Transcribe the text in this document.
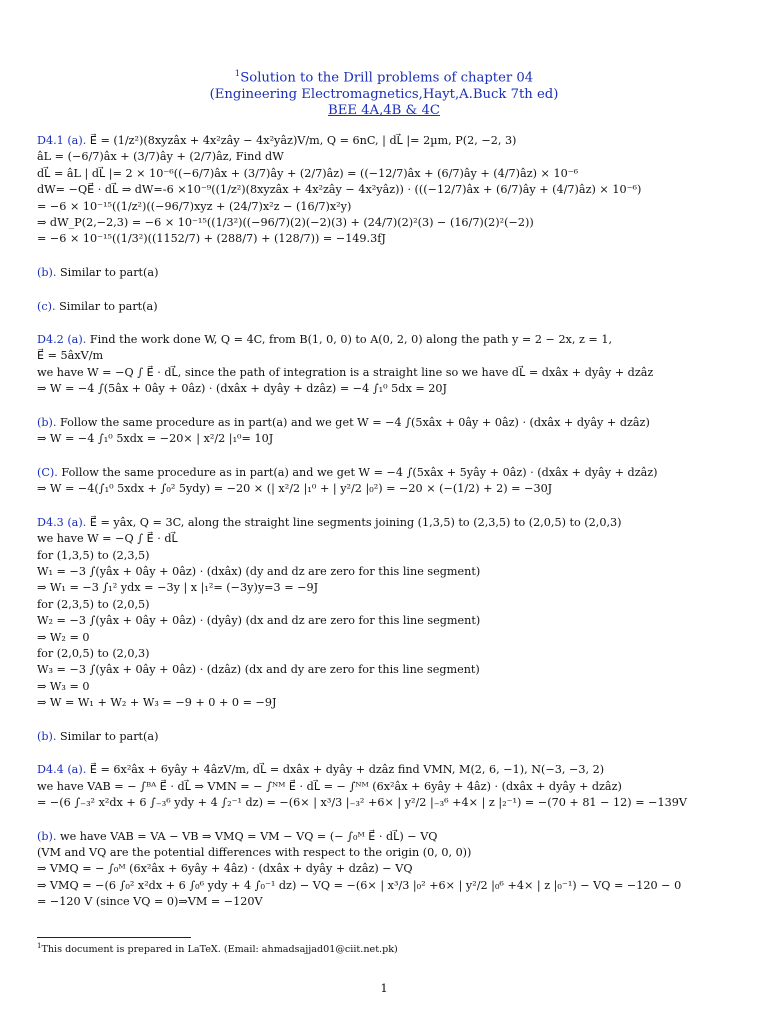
$^1$Solution to the Drill problems of chapter 04
(Engineering Electromagnetics,Hayt,A.Buck 7th ed)
BEE 4A,4B & 4C
D4.1 (a). E⃗ = (1/z²)(8xyzâx + 4x²zây − 4x²yâz)V/m, Q = 6nC, | dL⃗ |= 2µm, P(2, −2, 3)
âL = (−6/7)âx + (3/7)ây + (2/7)âz, Find dW
dL⃗ = âL | dL⃗ |= 2 × 10⁻⁶((−6/7)âx + (3/7)ây + (2/7)âz) = ((−12/7)âx + (6/7)ây + (4/7)âz) × 10⁻⁶
dW= −QE⃗ · dL⃗ ⇒ dW=-6 ×10⁻⁹((1/z²)(8xyzâx + 4x²zây − 4x²yâz)) · (((−12/7)âx + (6/7)ây + (4/7)âz) × 10⁻⁶)
= −6 × 10⁻¹⁵((1/z²)((−96/7)xyz + (24/7)x²z − (16/7)x²y)
⇒ dW_P(2,−2,3) = −6 × 10⁻¹⁵((1/3²)((−96/7)(2)(−2)(3) + (24/7)(2)²(3) − (16/7)(2)²(−2))
= −6 × 10⁻¹⁵((1/3²)((1152/7) + (288/7) + (128/7)) = −149.3fJ
(b). Similar to part(a)
(c). Similar to part(a)
D4.2 (a). Find the work done W, Q = 4C, from B(1, 0, 0) to A(0, 2, 0) along the path y = 2 − 2x, z = 1,
E⃗ = 5âxV/m
we have W = −Q ∫ E⃗ · dL⃗, since the path of integration is a straight line so we have dL⃗ = dxâx + dyây + dzâz
⇒ W = −4 ∫(5âx + 0ây + 0âz) · (dxâx + dyây + dzâz) = −4 ∫₁⁰ 5dx = 20J
(b). Follow the same procedure as in part(a) and we get W = −4 ∫(5xâx + 0ây + 0âz) · (dxâx + dyây + dzâz)
⇒ W = −4 ∫₁⁰ 5xdx = −20× | x²/2 |₁⁰= 10J
(C). Follow the same procedure as in part(a) and we get W = −4 ∫(5xâx + 5yây + 0âz) · (dxâx + dyây + dzâz)
⇒ W = −4(∫₁⁰ 5xdx + ∫₀² 5ydy) = −20 × (| x²/2 |₁⁰ + | y²/2 |₀²) = −20 × (−(1/2) + 2) = −30J
D4.3 (a). E⃗ = yâx, Q = 3C, along the straight line segments joining (1,3,5) to (2,3,5) to (2,0,5) to (2,0,3)
we have W = −Q ∫ E⃗ · dL⃗
for (1,3,5) to (2,3,5)
W₁ = −3 ∫(yâx + 0ây + 0âz) · (dxâx) (dy and dz are zero for this line segment)
⇒ W₁ = −3 ∫₁² ydx = −3y | x |₁²= (−3y)y=3 = −9J
for (2,3,5) to (2,0,5)
W₂ = −3 ∫(yâx + 0ây + 0âz) · (dyây) (dx and dz are zero for this line segment)
⇒ W₂ = 0
for (2,0,5) to (2,0,3)
W₃ = −3 ∫(yâx + 0ây + 0âz) · (dzâz) (dx and dy are zero for this line segment)
⇒ W₃ = 0
⇒ W = W₁ + W₂ + W₃ = −9 + 0 + 0 = −9J
(b). Similar to part(a)
D4.4 (a). E⃗ = 6x²âx + 6yây + 4âzV/m, dL⃗ = dxâx + dyây + dzâz find VMN, M(2, 6, −1), N(−3, −3, 2)
we have VAB = − ∫ᴮᴬ E⃗ · dL⃗ ⇒ VMN = − ∫ᴺᴹ E⃗ · dL⃗ = − ∫ᴺᴹ (6x²âx + 6yây + 4âz) · (dxâx + dyây + dzâz)
= −(6 ∫₋₃² x²dx + 6 ∫₋₃⁶ ydy + 4 ∫₂⁻¹ dz) = −(6× | x³/3 |₋₃² +6× | y²/2 |₋₃⁶ +4× | z |₂⁻¹) = −(70 + 81 − 12) = −139V
(b). we have VAB = VA − VB ⇒ VMQ = VM − VQ = (− ∫₀ᴹ E⃗ · dL⃗) − VQ
(VM and VQ are the potential differences with respect to the origin (0, 0, 0))
⇒ VMQ = − ∫₀ᴹ (6x²âx + 6yây + 4âz) · (dxâx + dyây + dzâz) − VQ
⇒ VMQ = −(6 ∫₀² x²dx + 6 ∫₀⁶ ydy + 4 ∫₀⁻¹ dz) − VQ = −(6× | x³/3 |₀² +6× | y²/2 |₀⁶ +4× | z |₀⁻¹) − VQ = −120 − 0
= −120 V (since VQ = 0)⇒VM = −120V
$^1$This document is prepared in LaTeX. (Email: ahmadsajjad01@ciit.net.pk)
1
